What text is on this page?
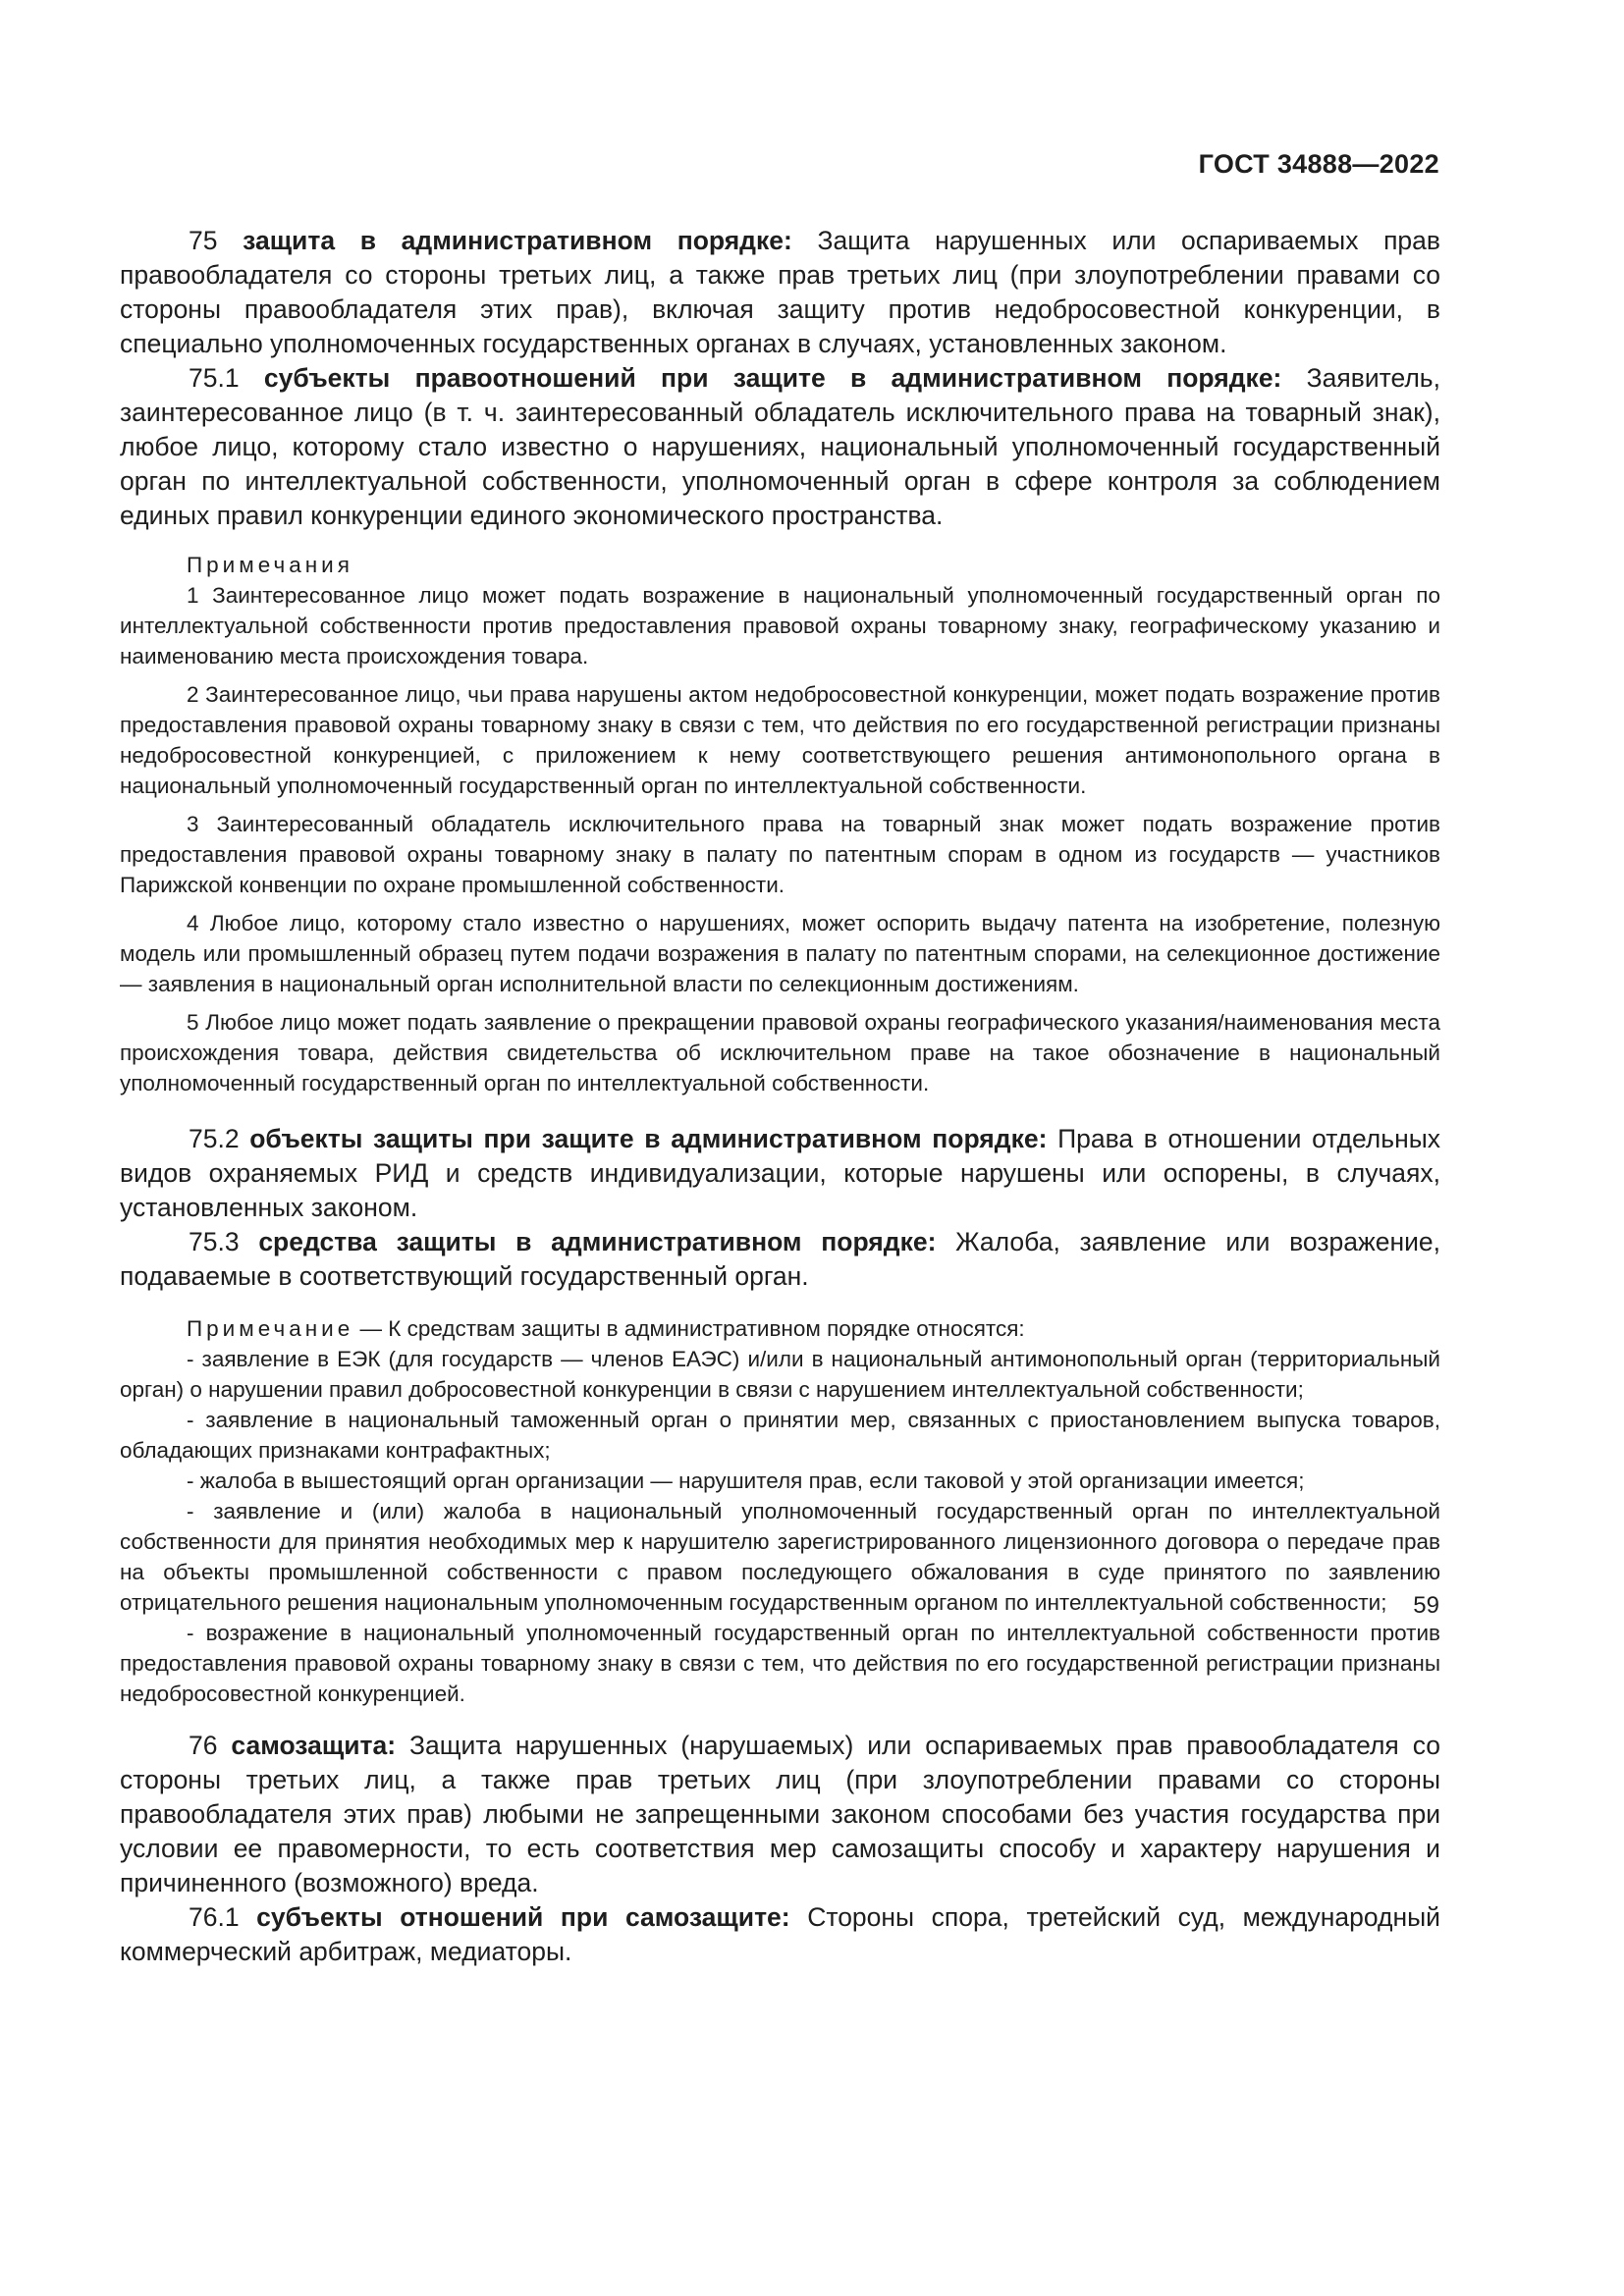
ГОСТ 34888—2022

75 защита в административном порядке: Защита нарушенных или оспариваемых прав правообладателя со стороны третьих лиц, а также прав третьих лиц (при злоупотреблении правами со стороны правообладателя этих прав), включая защиту против недобросовестной конкуренции, в специально уполномоченных государственных органах в случаях, установленных законом.

75.1 субъекты правоотношений при защите в административном порядке: Заявитель, заинтересованное лицо (в т. ч. заинтересованный обладатель исключительного права на товарный знак), любое лицо, которому стало известно о нарушениях, национальный уполномоченный государственный орган по интеллектуальной собственности, уполномоченный орган в сфере контроля за соблюдением единых правил конкуренции единого экономического пространства.

Примечания

1 Заинтересованное лицо может подать возражение в национальный уполномоченный государственный орган по интеллектуальной собственности против предоставления правовой охраны товарному знаку, географическому указанию и наименованию места происхождения товара.

2 Заинтересованное лицо, чьи права нарушены актом недобросовестной конкуренции, может подать возражение против предоставления правовой охраны товарному знаку в связи с тем, что действия по его государственной регистрации признаны недобросовестной конкуренцией, с приложением к нему соответствующего решения антимонопольного органа в национальный уполномоченный государственный орган по интеллектуальной собственности.

3 Заинтересованный обладатель исключительного права на товарный знак может подать возражение против предоставления правовой охраны товарному знаку в палату по патентным спорам в одном из государств — участников Парижской конвенции по охране промышленной собственности.

4 Любое лицо, которому стало известно о нарушениях, может оспорить выдачу патента на изобретение, полезную модель или промышленный образец путем подачи возражения в палату по патентным спорами, на селекционное достижение — заявления в национальный орган исполнительной власти по селекционным достижениям.

5 Любое лицо может подать заявление о прекращении правовой охраны географического указания/наименования места происхождения товара, действия свидетельства об исключительном праве на такое обозначение в национальный уполномоченный государственный орган по интеллектуальной собственности.

75.2 объекты защиты при защите в административном порядке: Права в отношении отдельных видов охраняемых РИД и средств индивидуализации, которые нарушены или оспорены, в случаях, установленных законом.

75.3 средства защиты в административном порядке: Жалоба, заявление или возражение, подаваемые в соответствующий государственный орган.

Примечание — К средствам защиты в административном порядке относятся:

- заявление в ЕЭК (для государств — членов ЕАЭС) и/или в национальный антимонопольный орган (территориальный орган) о нарушении правил добросовестной конкуренции в связи с нарушением интеллектуальной собственности;

- заявление в национальный таможенный орган о принятии мер, связанных с приостановлением выпуска товаров, обладающих признаками контрафактных;

- жалоба в вышестоящий орган организации — нарушителя прав, если таковой у этой организации имеется;

- заявление и (или) жалоба в национальный уполномоченный государственный орган по интеллектуальной собственности для принятия необходимых мер к нарушителю зарегистрированного лицензионного договора о передаче прав на объекты промышленной собственности с правом последующего обжалования в суде принятого по заявлению отрицательного решения национальным уполномоченным государственным органом по интеллектуальной собственности;

- возражение в национальный уполномоченный государственный орган по интеллектуальной собственности против предоставления правовой охраны товарному знаку в связи с тем, что действия по его государственной регистрации признаны недобросовестной конкуренцией.

76 самозащита: Защита нарушенных (нарушаемых) или оспариваемых прав правообладателя со стороны третьих лиц, а также прав третьих лиц (при злоупотреблении правами со стороны правообладателя этих прав) любыми не запрещенными законом способами без участия государства при условии ее правомерности, то есть соответствия мер самозащиты способу и характеру нарушения и причиненного (возможного) вреда.

76.1 субъекты отношений при самозащите: Стороны спора, третейский суд, международный коммерческий арбитраж, медиаторы.

59
